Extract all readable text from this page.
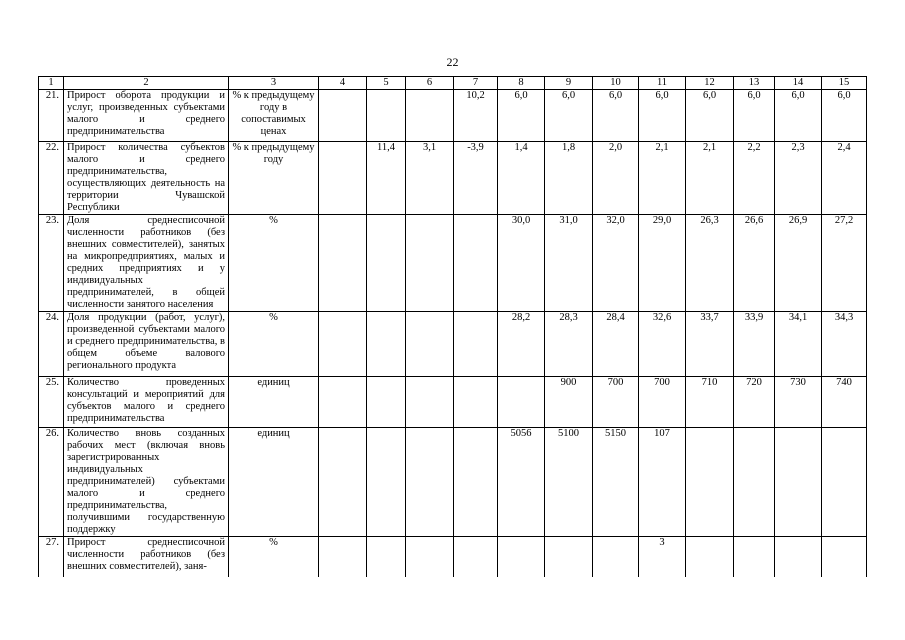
22
1	2	3	4	5	6	7	8	9	10	11	12	13	14	15
21.	Прирост оборота продукции и услуг, произведенных субъектами малого и среднего предпринимательства	% к предыдущему году в сопоставимых ценах				10,2	6,0	6,0	6,0	6,0	6,0	6,0	6,0	6,0
22.	Прирост количества субъектов малого и среднего предпринимательства, осуществляющих деятельность на территории Чувашской Республики	% к предыдущему году		11,4	3,1	-3,9	1,4	1,8	2,0	2,1	2,1	2,2	2,3	2,4
23.	Доля среднесписочной численности работников (без внешних совместителей), занятых на микропредприятиях, малых и средних предприятиях и у индивидуальных предпринимателей, в общей численности занятого населения	%					30,0	31,0	32,0	29,0	26,3	26,6	26,9	27,2
24.	Доля продукции (работ, услуг), произведенной субъектами малого и среднего предпринимательства, в общем объеме валового регионального продукта	%					28,2	28,3	28,4	32,6	33,7	33,9	34,1	34,3
25.	Количество проведенных консультаций и мероприятий для субъектов малого и среднего предпринимательства	единиц						900	700	700	710	720	730	740
26.	Количество вновь созданных рабочих мест (включая вновь зарегистрированных индивидуальных предпринимателей) субъектами малого и среднего предпринимательства, получившими государственную поддержку	единиц					5056	5100	5150	107				
27.	Прирост среднесписочной численности работников (без внешних совместителей), заня-	%								3				
